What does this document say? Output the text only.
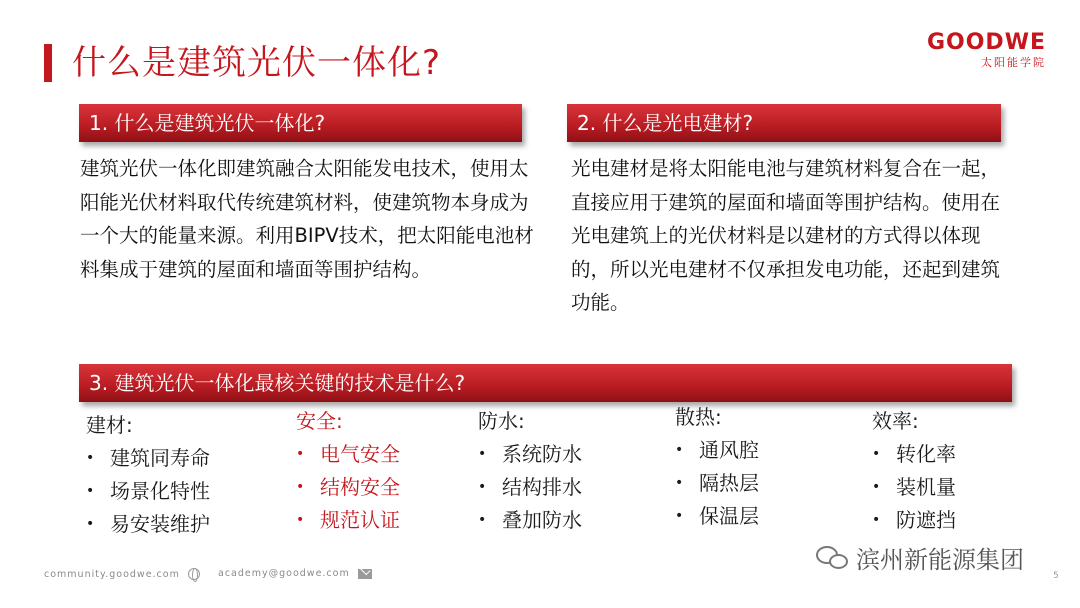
什么是建筑光伏一体化?
GOODWE
太阳能学院
1. 什么是建筑光伏一体化?
建筑光伏一体化即建筑融合太阳能发电技术，使用太阳能光伏材料取代传统建筑材料，使建筑物本身成为一个大的能量来源。利用BIPV技术，把太阳能电池材料集成于建筑的屋面和墙面等围护结构。
2. 什么是光电建材?
光电建材是将太阳能电池与建筑材料复合在一起，直接应用于建筑的屋面和墙面等围护结构。使用在光电建筑上的光伏材料是以建材的方式得以体现的，所以光电建材不仅承担发电功能，还起到建筑功能。
3. 建筑光伏一体化最核关键的技术是什么?
建材:
• 建筑同寿命
• 场景化特性
• 易安装维护
安全:
• 电气安全
• 结构安全
• 规范认证
防水:
• 系统防水
• 结构排水
• 叠加防水
散热:
• 通风腔
• 隔热层
• 保温层
效率:
• 转化率
• 装机量
• 防遮挡
community.goodwe.com	academy@goodwe.com	滨州新能源集团
5
